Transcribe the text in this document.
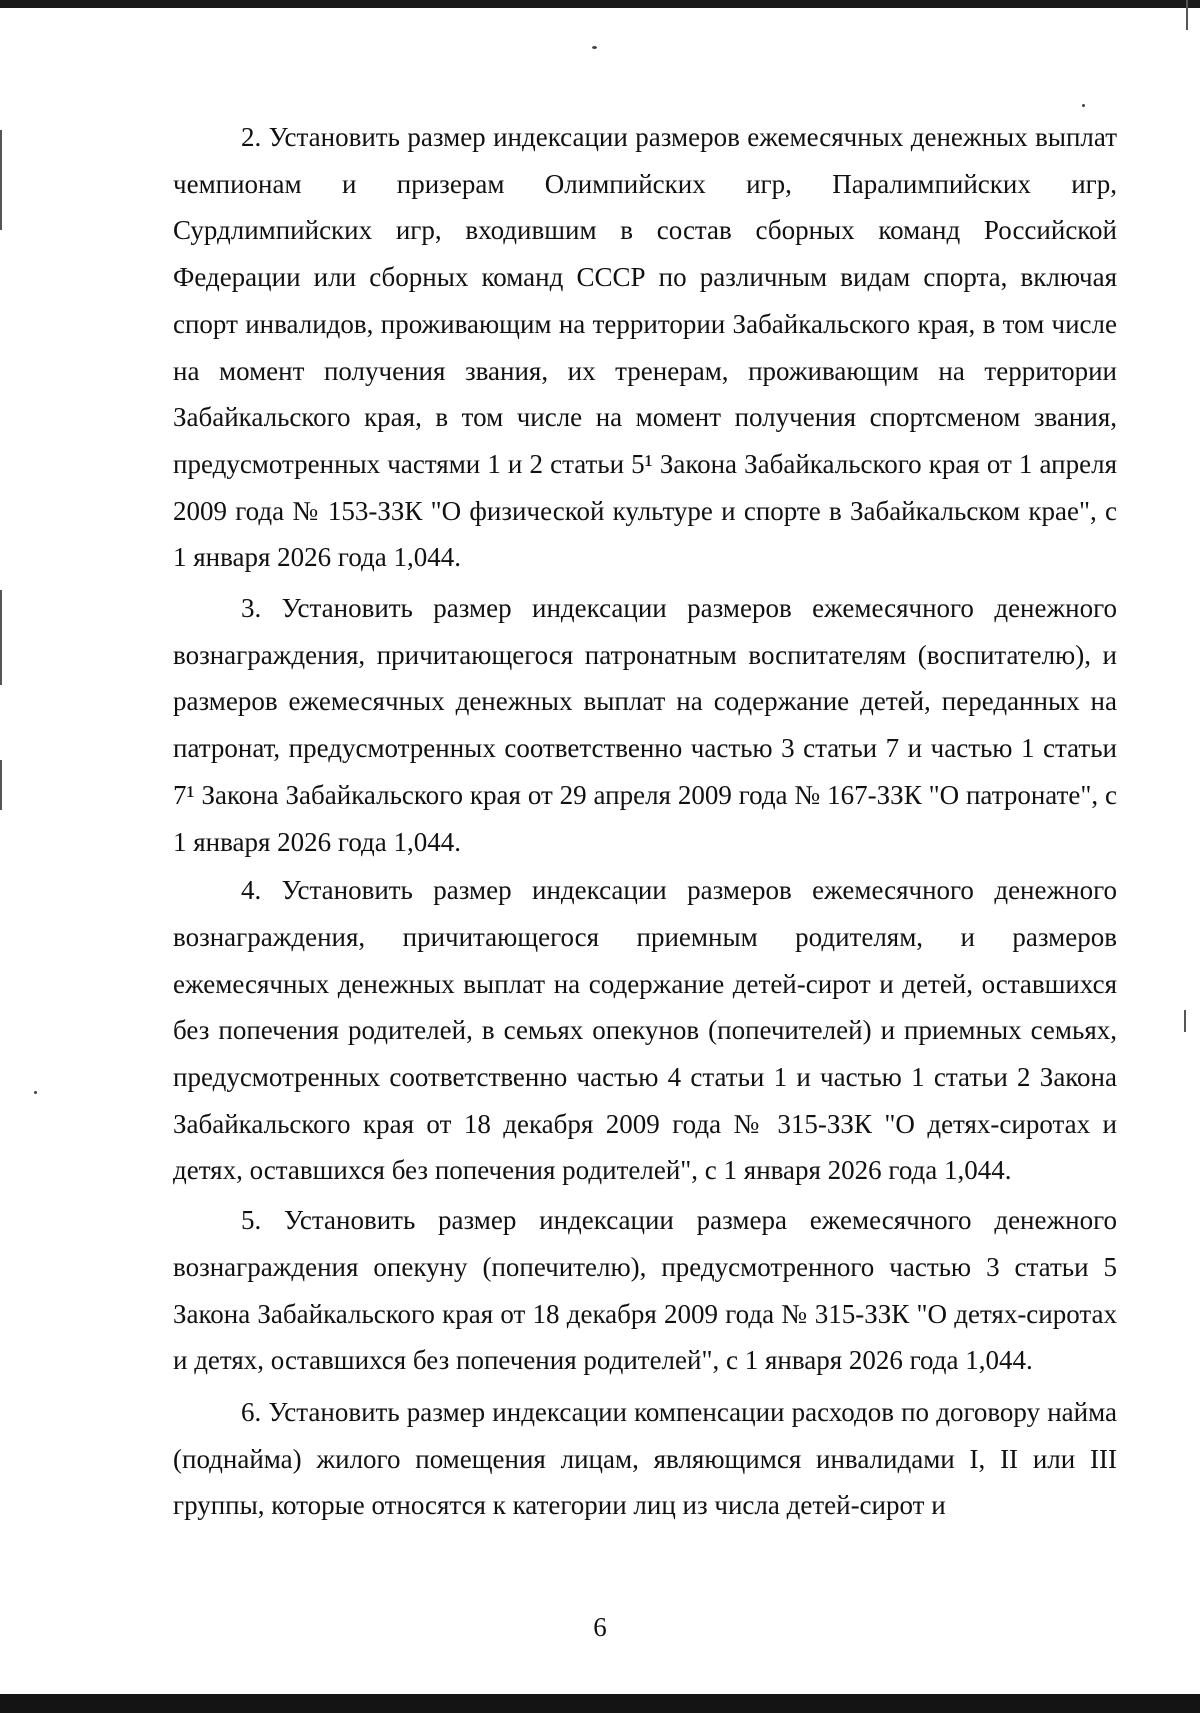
2. Установить размер индексации размеров ежемесячных денежных выплат чемпионам и призерам Олимпийских игр, Паралимпийских игр, Сурдлимпийских игр, входившим в состав сборных команд Российской Федерации или сборных команд СССР по различным видам спорта, включая спорт инвалидов, проживающим на территории Забайкальского края, в том числе на момент получения звания, их тренерам, проживающим на территории Забайкальского края, в том числе на момент получения спортсменом звания, предусмотренных частями 1 и 2 статьи 5¹ Закона Забайкальского края от 1 апреля 2009 года № 153-ЗЗК "О физической культуре и спорте в Забайкальском крае", с 1 января 2026 года 1,044.

3. Установить размер индексации размеров ежемесячного денежного вознаграждения, причитающегося патронатным воспитателям (воспитателю), и размеров ежемесячных денежных выплат на содержание детей, переданных на патронат, предусмотренных соответственно частью 3 статьи 7 и частью 1 статьи 7¹ Закона Забайкальского края от 29 апреля 2009 года № 167-ЗЗК "О патронате", с 1 января 2026 года 1,044.

4. Установить размер индексации размеров ежемесячного денежного вознаграждения, причитающегося приемным родителям, и размеров ежемесячных денежных выплат на содержание детей-сирот и детей, оставшихся без попечения родителей, в семьях опекунов (попечителей) и приемных семьях, предусмотренных соответственно частью 4 статьи 1 и частью 1 статьи 2 Закона Забайкальского края от 18 декабря 2009 года № 315-ЗЗК "О детях-сиротах и детях, оставшихся без попечения родителей", с 1 января 2026 года 1,044.

5. Установить размер индексации размера ежемесячного денежного вознаграждения опекуну (попечителю), предусмотренного частью 3 статьи 5 Закона Забайкальского края от 18 декабря 2009 года № 315-ЗЗК "О детях-сиротах и детях, оставшихся без попечения родителей", с 1 января 2026 года 1,044.

6. Установить размер индексации компенсации расходов по договору найма (поднайма) жилого помещения лицам, являющимся инвалидами I, II или III группы, которые относятся к категории лиц из числа детей-сирот и

6
